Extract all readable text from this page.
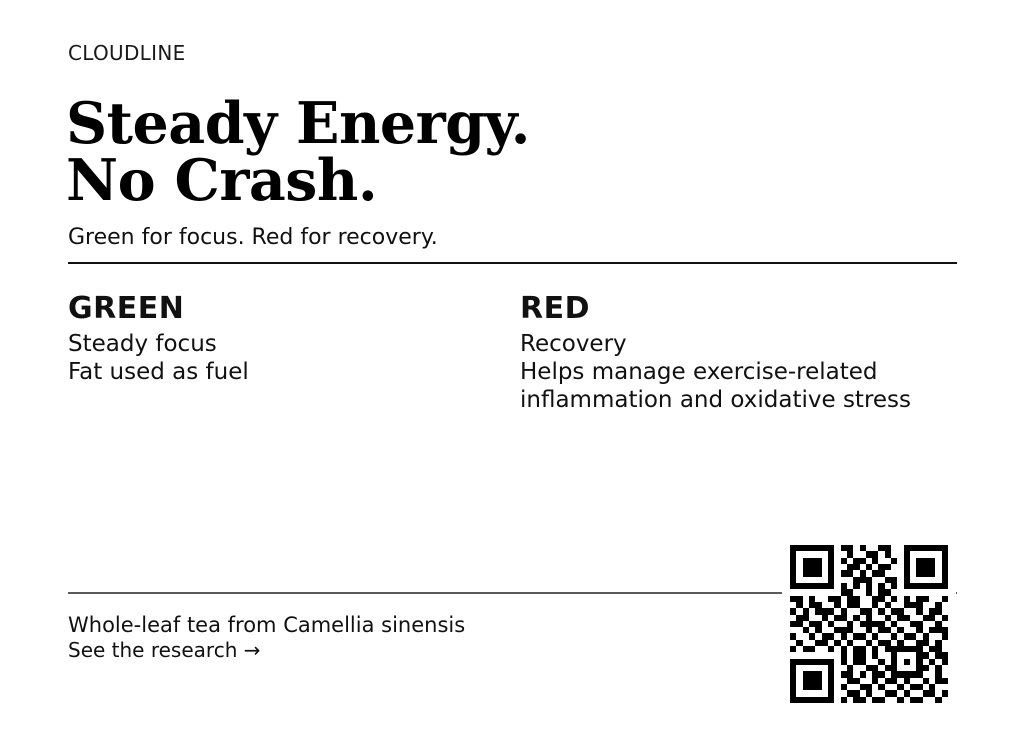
CLOUDLINE
Steady Energy.
No Crash.
Green for focus. Red for recovery.
GREEN
Steady focus
Fat used as fuel
RED
Recovery
Helps manage exercise-related inflammation and oxidative stress
Whole-leaf tea from Camellia sinensis
See the research →
